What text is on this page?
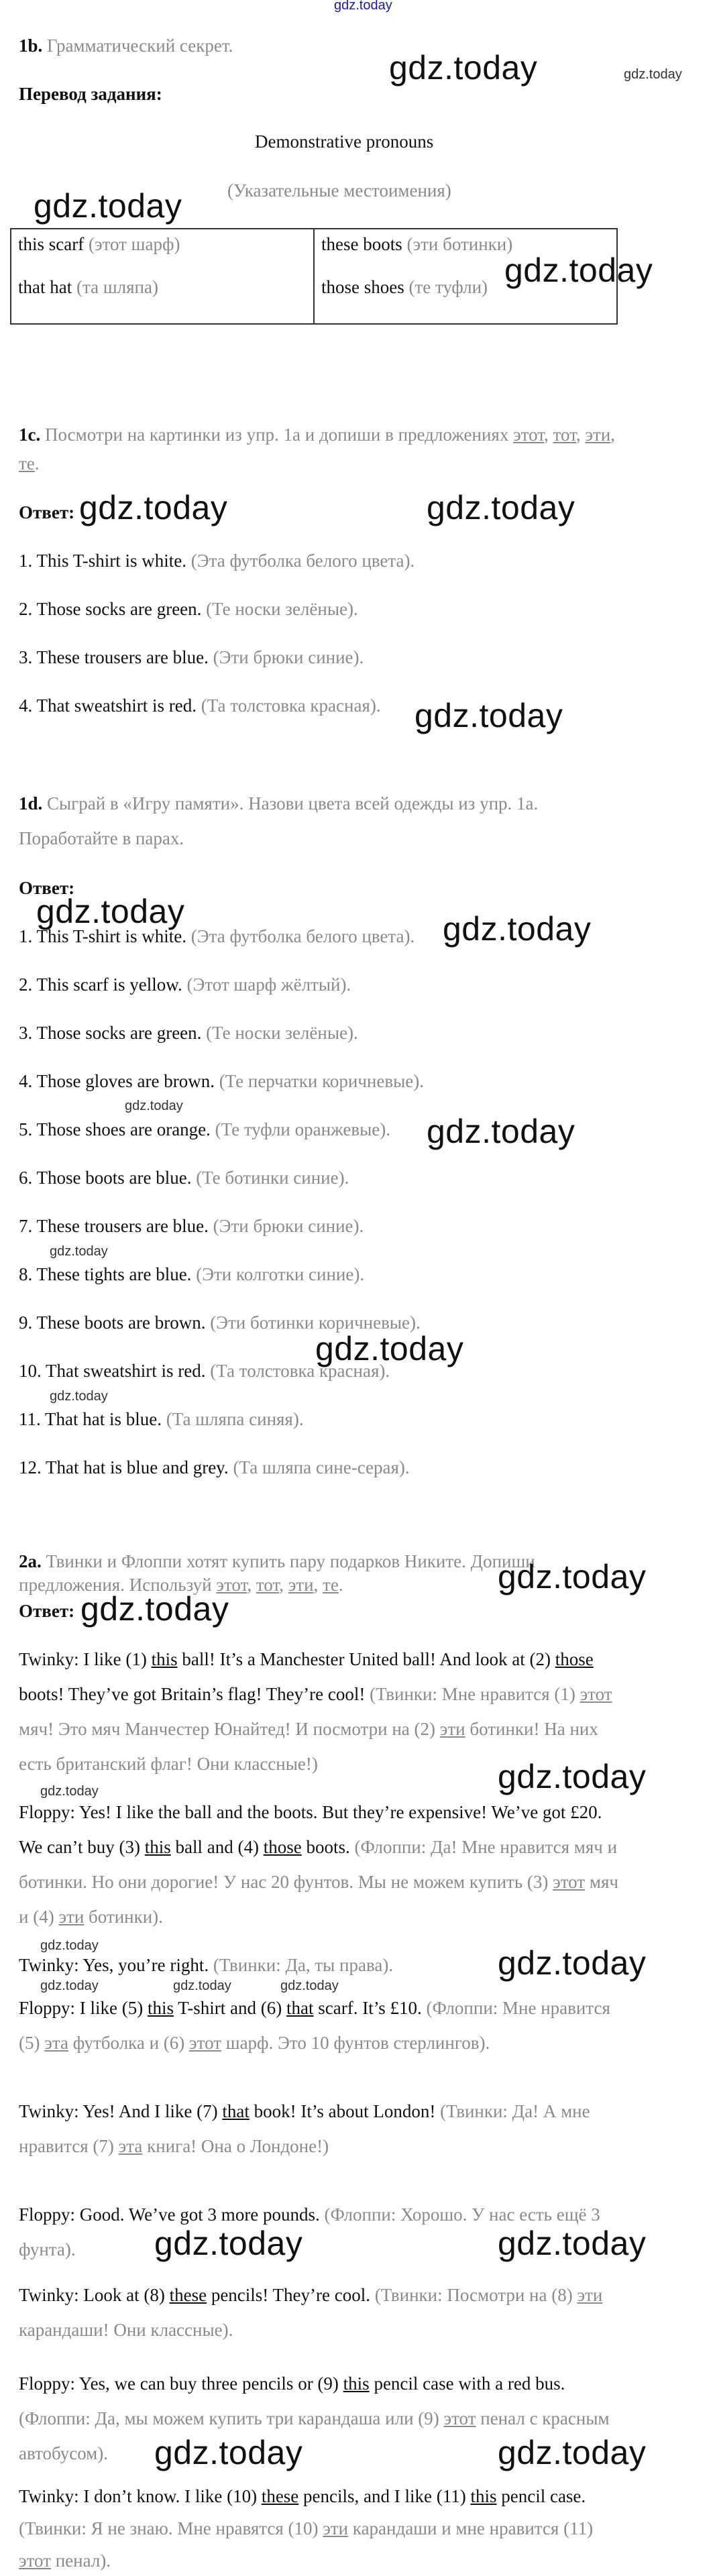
gdz.today
1b. Грамматический секрет.
gdz.today	gdz.today
Перевод задания:
Demonstrative pronouns
(Указательные местоимения)
gdz.today
this scarf (этот шарф)
that hat (та шляпа)

these boots (эти ботинки)
those shoes (те туфли) gdz.today
1c. Посмотри на картинки из упр. 1а и допиши в предложениях этот, тот, эти,
те.
Ответ: gdz.today	gdz.today
1. This T-shirt is white. (Эта футболка белого цвета).
2. Those socks are green. (Те носки зелёные).
3. These trousers are blue. (Эти брюки синие).
4. That sweatshirt is red. (Та толстовка красная). gdz.today
1d. Сыграй в «Игру памяти». Назови цвета всей одежды из упр. 1a.
Поработайте в парах.
Ответ:
gdz.today	gdz.today
1. This T-shirt is white. (Эта футболка белого цвета).
2. This scarf is yellow. (Этот шарф жёлтый).
3. Those socks are green. (Те носки зелёные).
4. Those gloves are brown. (Те перчатки коричневые).
gdz.today
5. Those shoes are orange. (Те туфли оранжевые). gdz.today
6. Those boots are blue. (Те ботинки синие).
7. These trousers are blue. (Эти брюки синие).
gdz.today
8. These tights are blue. (Эти колготки синие).
9. These boots are brown. (Эти ботинки коричневые).
gdz.today
10. That sweatshirt is red. (Та толстовка красная).
gdz.today
11. That hat is blue. (Та шляпа синяя).
12. That hat is blue and grey. (Та шляпа сине-серая).
2a. Твинки и Флоппи хотят купить пару подарков Никите. Допиши
предложения. Используй этот, тот, эти, те.	gdz.today
Ответ: gdz.today
Twinky: I like (1) this ball! It’s a Manchester United ball! And look at (2) those
boots! They’ve got Britain’s flag! They’re cool! (Твинки: Мне нравится (1) этот
мяч! Это мяч Манчестер Юнайтед! И посмотри на (2) эти ботинки! На них
есть британский флаг! Они классные!)	gdz.today
gdz.today
Floppy: Yes! I like the ball and the boots. But they’re expensive! We’ve got £20.
We can’t buy (3) this ball and (4) those boots. (Флоппи: Да! Мне нравится мяч и
ботинки. Но они дорогие! У нас 20 фунтов. Мы не можем купить (3) этот мяч
и (4) эти ботинки).
gdz.today
Twinky: Yes, you’re right. (Твинки: Да, ты права).	gdz.today
gdz.today	gdz.today	gdz.today
Floppy: I like (5) this T-shirt and (6) that scarf. It’s £10. (Флоппи: Мне нравится
(5) эта футболка и (6) этот шарф. Это 10 фунтов стерлингов).
Twinky: Yes! And I like (7) that book! It’s about London! (Твинки: Да! А мне
нравится (7) эта книга! Она о Лондоне!)
Floppy: Good. We’ve got 3 more pounds. (Флоппи: Хорошо. У нас есть ещё 3
фунта). gdz.today	gdz.today
Twinky: Look at (8) these pencils! They’re cool. (Твинки: Посмотри на (8) эти
карандаши! Они классные).
Floppy: Yes, we can buy three pencils or (9) this pencil case with a red bus.
(Флоппи: Да, мы можем купить три карандаша или (9) этот пенал с красным
автобусом). gdz.today	gdz.today
Twinky: I don’t know. I like (10) these pencils, and I like (11) this pencil case.
(Твинки: Я не знаю. Мне нравятся (10) эти карандаши и мне нравится (11)
этот пенал).
